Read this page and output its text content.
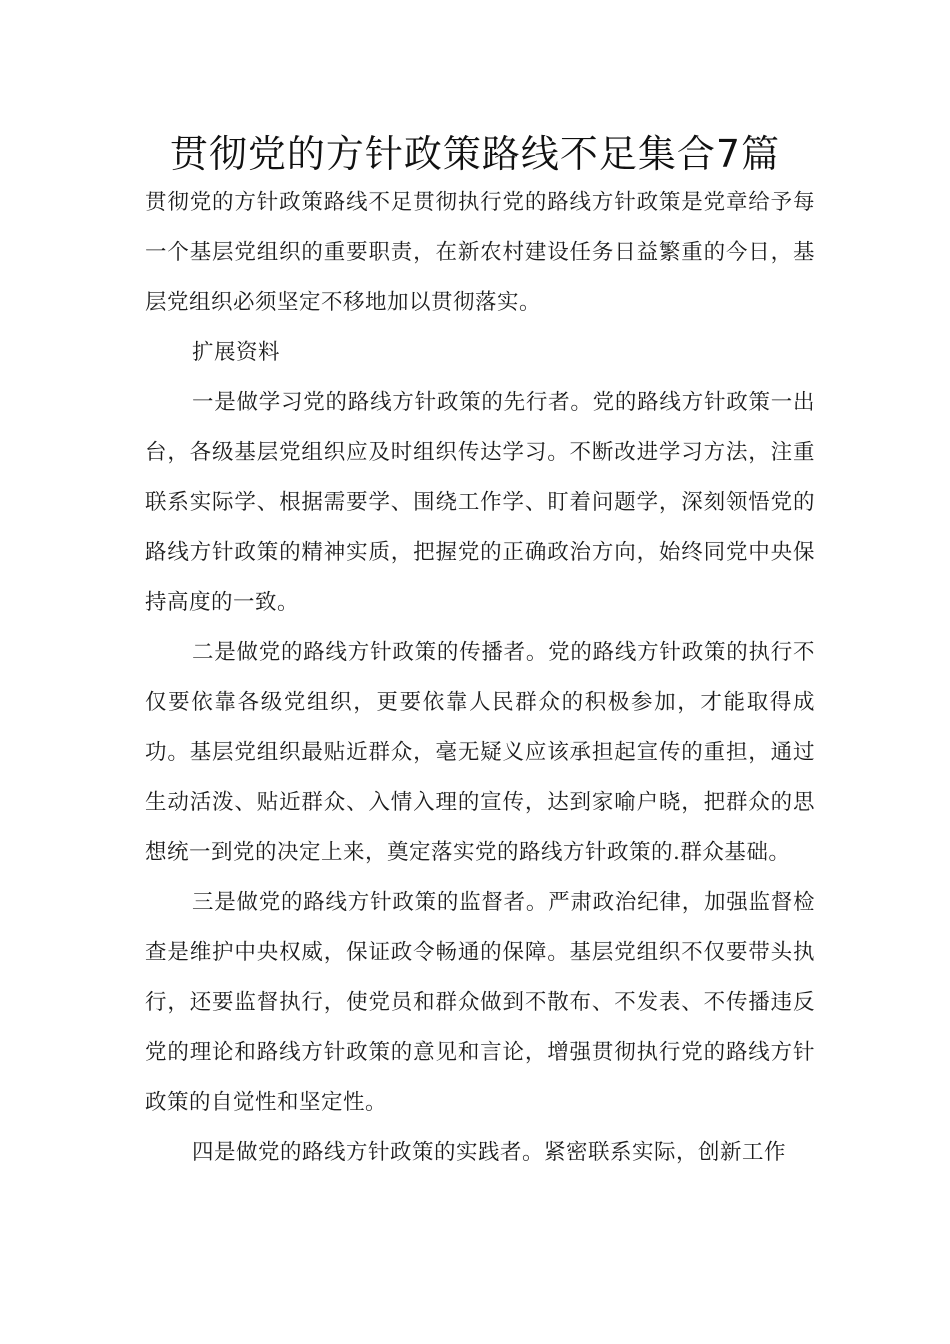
贯彻党的方针政策路线不足集合7篇

贯彻党的方针政策路线不足贯彻执行党的路线方针政策是党章给予每一个基层党组织的重要职责，在新农村建设任务日益繁重的今日，基层党组织必须坚定不移地加以贯彻落实。

扩展资料

一是做学习党的路线方针政策的先行者。党的路线方针政策一出台，各级基层党组织应及时组织传达学习。不断改进学习方法，注重联系实际学、根据需要学、围绕工作学、盯着问题学，深刻领悟党的路线方针政策的精神实质，把握党的正确政治方向，始终同党中央保持高度的一致。

二是做党的路线方针政策的传播者。党的路线方针政策的执行不仅要依靠各级党组织，更要依靠人民群众的积极参加，才能取得成功。基层党组织最贴近群众，毫无疑义应该承担起宣传的重担，通过生动活泼、贴近群众、入情入理的宣传，达到家喻户晓，把群众的思想统一到党的决定上来，奠定落实党的路线方针政策的.群众基础。

三是做党的路线方针政策的监督者。严肃政治纪律，加强监督检查是维护中央权威，保证政令畅通的保障。基层党组织不仅要带头执行，还要监督执行，使党员和群众做到不散布、不发表、不传播违反党的理论和路线方针政策的意见和言论，增强贯彻执行党的路线方针政策的自觉性和坚定性。

四是做党的路线方针政策的实践者。紧密联系实际，创新工作
